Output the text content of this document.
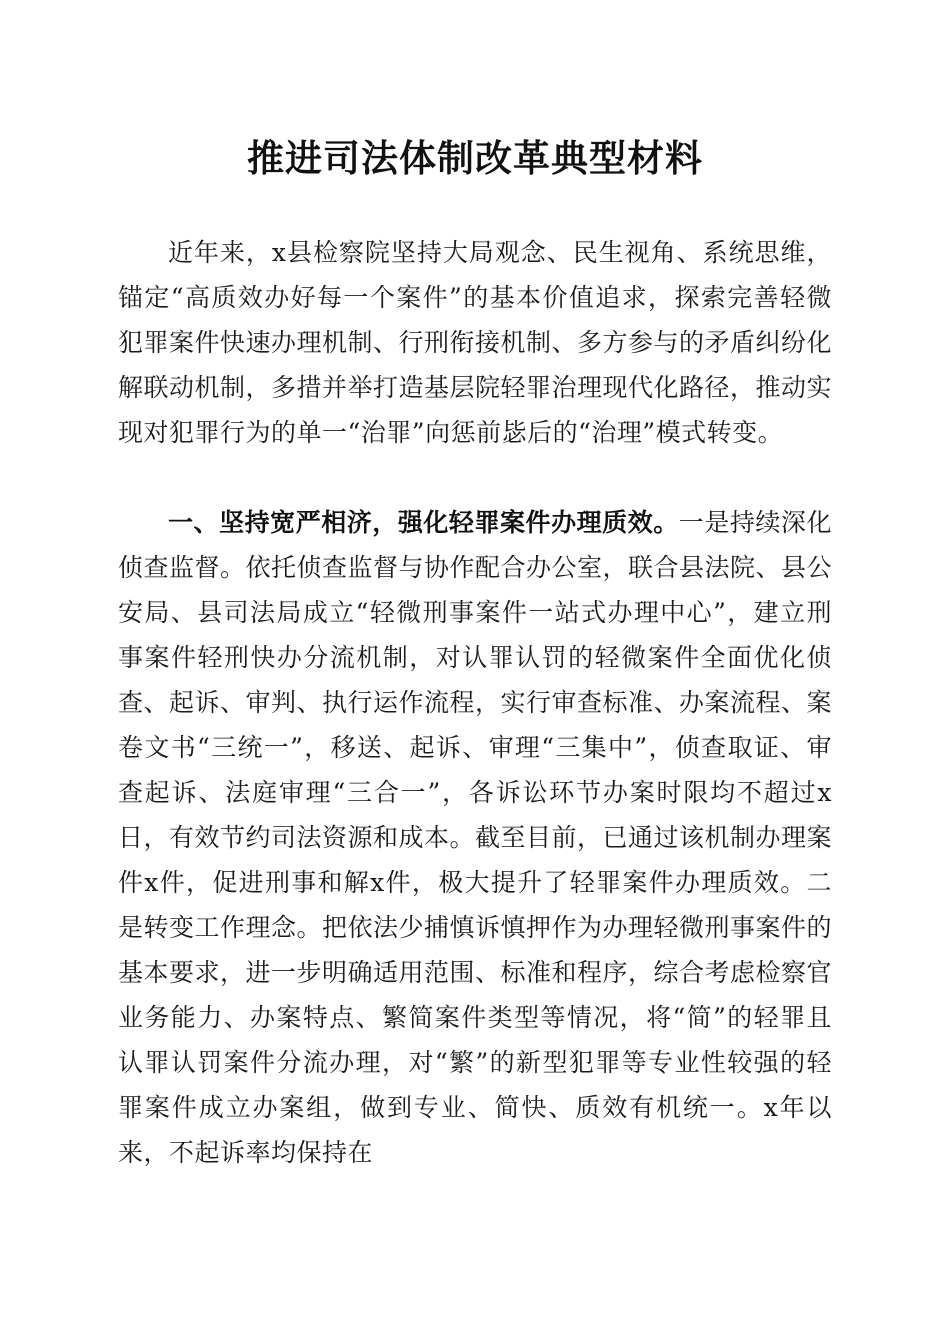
推进司法体制改革典型材料

近年来，x县检察院坚持大局观念、民生视角、系统思维，锚定“高质效办好每一个案件”的基本价值追求，探索完善轻微犯罪案件快速办理机制、行刑衔接机制、多方参与的矛盾纠纷化解联动机制，多措并举打造基层院轻罪治理现代化路径，推动实现对犯罪行为的单一“治罪”向惩前毖后的“治理”模式转变。

一、坚持宽严相济，强化轻罪案件办理质效。一是持续深化侦查监督。依托侦查监督与协作配合办公室，联合县法院、县公安局、县司法局成立“轻微刑事案件一站式办理中心”，建立刑事案件轻刑快办分流机制，对认罪认罚的轻微案件全面优化侦查、起诉、审判、执行运作流程，实行审查标准、办案流程、案卷文书“三统一”，移送、起诉、审理“三集中”，侦查取证、审查起诉、法庭审理“三合一”，各诉讼环节办案时限均不超过x日，有效节约司法资源和成本。截至目前，已通过该机制办理案件x件，促进刑事和解x件，极大提升了轻罪案件办理质效。二是转变工作理念。把依法少捕慎诉慎押作为办理轻微刑事案件的基本要求，进一步明确适用范围、标准和程序，综合考虑检察官业务能力、办案特点、繁简案件类型等情况，将“简”的轻罪且认罪认罚案件分流办理，对“繁”的新型犯罪等专业性较强的轻罪案件成立办案组，做到专业、简快、质效有机统一。x年以来，不起诉率均保持在
